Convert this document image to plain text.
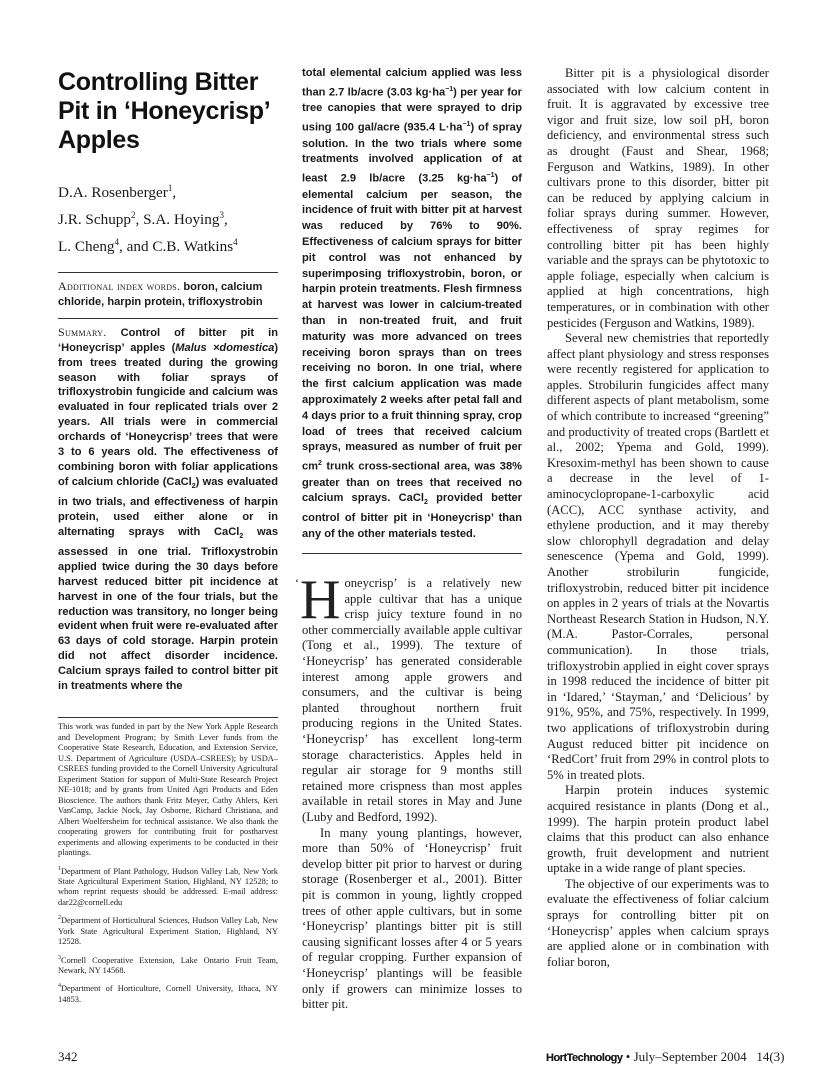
Controlling Bitter Pit in ‘Honeycrisp’ Apples
D.A. Rosenberger$^1$,
J.R. Schupp$^2$, S.A. Hoying$^3$,
L. Cheng$^4$, and C.B. Watkins$^4$
Additional index words. boron, calcium chloride, harpin protein, trifloxystrobin
Summary. Control of bitter pit in ‘Honeycrisp’ apples (Malus ×domestica) from trees treated during the growing season with foliar sprays of trifloxystrobin fungicide and calcium was evaluated in four replicated trials over 2 years. All trials were in commercial orchards of ‘Honeycrisp’ trees that were 3 to 6 years old. The effectiveness of combining boron with foliar applications of calcium chloride (CaCl$_2$) was evaluated in two trials, and effectiveness of harpin protein, used either alone or in alternating sprays with CaCl$_2$ was assessed in one trial. Trifloxystrobin applied twice during the 30 days before harvest reduced bitter pit incidence at harvest in one of the four trials, but the reduction was transitory, no longer being evident when fruit were re-evaluated after 63 days of cold storage. Harpin protein did not affect disorder incidence. Calcium sprays failed to control bitter pit in treatments where the

This work was funded in part by the New York Apple Research and Development Program; by Smith Lever funds from the Cooperative State Research, Education, and Extension Service, U.S. Department of Agriculture (USDA–CSREES); by USDA–CSREES funding provided to the Cornell University Agricultural Experiment Station for support of Multi-State Research Project NE-1018; and by grants from United Agri Products and Eden Bioscience. The authors thank Fritz Meyer, Cathy Ahlers, Keri VanCamp, Jackie Nock, Jay Osborne, Richard Christiana, and Albert Woelfersheim for technical assistance. We also thank the cooperating growers for contributing fruit for postharvest experiments and allowing experiments to be conducted in their plantings.

$^1$Department of Plant Pathology, Hudson Valley Lab, New York State Agricultural Experiment Station, Highland, NY 12528; to whom reprint requests should be addressed. E-mail address: dar22@cornell.edu

$^2$Department of Horticultural Sciences, Hudson Valley Lab, New York State Agricultural Experiment Station, Highland, NY 12528.

$^3$Cornell Cooperative Extension, Lake Ontario Fruit Team, Newark, NY 14568.

$^4$Department of Horticulture, Cornell University, Ithaca, NY 14853.

total elemental calcium applied was less than 2.7 lb/acre (3.03 $kg\cdot ha^{-1}$) per year for tree canopies that were sprayed to drip using 100 gal/acre (935.4 $L\cdot ha^{-1}$) of spray solution. In the two trials where some treatments involved application of at least 2.9 lb/acre (3.25 $kg\cdot ha^{-1}$) of elemental calcium per season, the incidence of fruit with bitter pit at harvest was reduced by 76% to 90%. Effectiveness of calcium sprays for bitter pit control was not enhanced by superimposing trifloxystrobin, boron, or harpin protein treatments. Flesh firmness at harvest was lower in calcium-treated than in non-treated fruit, and fruit maturity was more advanced on trees receiving boron sprays than on trees receiving no boron. In one trial, where the first calcium application was made approximately 2 weeks after petal fall and 4 days prior to a fruit thinning spray, crop load of trees that received calcium sprays, measured as number of fruit per $cm^2$ trunk cross-sectional area, was 38% greater than on trees that received no calcium sprays. CaCl$_2$ provided better control of bitter pit in ‘Honeycrisp’ than any of the other materials tested.
‘ Honeycrisp’ is a relatively new apple cultivar that has a unique crisp juicy texture found in no other commercially available apple cultivar (Tong et al., 1999). The texture of ‘Honeycrisp’ has generated considerable interest among apple growers and consumers, and the cultivar is being planted throughout northern fruit producing regions in the United States. ‘Honeycrisp’ has excellent long-term storage characteristics. Apples held in regular air storage for 9 months still retained more crispness than most apples available in retail stores in May and June (Luby and Bedford, 1992).

In many young plantings, however, more than 50% of ‘Honeycrisp’ fruit develop bitter pit prior to harvest or during storage (Rosenberger et al., 2001). Bitter pit is common in young, lightly cropped trees of other apple cultivars, but in some ‘Honeycrisp’ plantings bitter pit is still causing significant losses after 4 or 5 years of regular cropping. Further expansion of ‘Honeycrisp’ plantings will be feasible only if growers can minimize losses to bitter pit.

Bitter pit is a physiological disorder associated with low calcium content in fruit. It is aggravated by excessive tree vigor and fruit size, low soil pH, boron deficiency, and environmental stress such as drought (Faust and Shear, 1968; Ferguson and Watkins, 1989). In other cultivars prone to this disorder, bitter pit can be reduced by applying calcium in foliar sprays during summer. However, effectiveness of spray regimes for controlling bitter pit has been highly variable and the sprays can be phytotoxic to apple foliage, especially when calcium is applied at high concentrations, high temperatures, or in combination with other pesticides (Ferguson and Watkins, 1989).

Several new chemistries that reportedly affect plant physiology and stress responses were recently registered for application to apples. Strobilurin fungicides affect many different aspects of plant metabolism, some of which contribute to increased “greening” and productivity of treated crops (Bartlett et al., 2002; Ypema and Gold, 1999). Kresoxim-methyl has been shown to cause a decrease in the level of 1-aminocyclopropane-1-carboxylic acid (ACC), ACC synthase activity, and ethylene production, and it may thereby slow chlorophyll degradation and delay senescence (Ypema and Gold, 1999). Another strobilurin fungicide, trifloxystrobin, reduced bitter pit incidence on apples in 2 years of trials at the Novartis Northeast Research Station in Hudson, N.Y. (M.A. Pastor-Corrales, personal communication). In those trials, trifloxystrobin applied in eight cover sprays in 1998 reduced the incidence of bitter pit in ‘Idared,’ ‘Stayman,’ and ‘Delicious’ by 91%, 95%, and 75%, respectively. In 1999, two applications of trifloxystrobin during August reduced bitter pit incidence on ‘RedCort’ fruit from 29% in control plots to 5% in treated plots.

Harpin protein induces systemic acquired resistance in plants (Dong et al., 1999). The harpin protein product label claims that this product can also enhance growth, fruit development and nutrient uptake in a wide range of plant species.

The objective of our experiments was to evaluate the effectiveness of foliar calcium sprays for controlling bitter pit on ‘Honeycrisp’ apples when calcium sprays are applied alone or in combination with foliar boron,

342	HortTechnology • July–September 2004   14(3)
